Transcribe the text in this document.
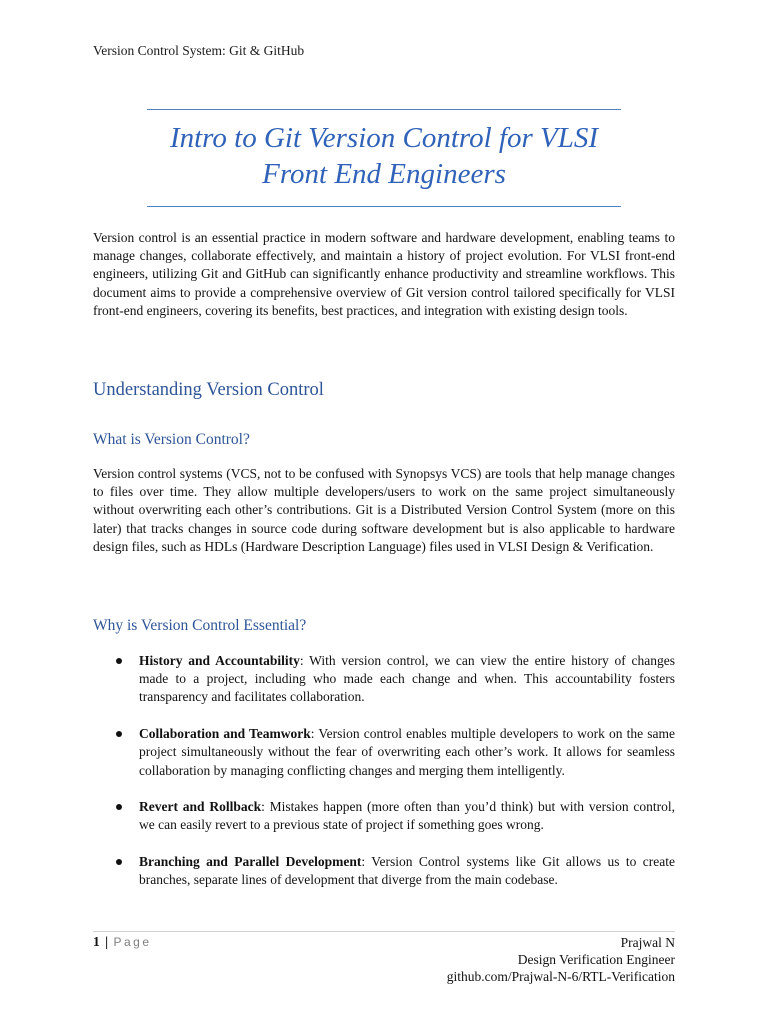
Version Control System: Git & GitHub
Intro to Git Version Control for VLSI
Front End Engineers

Version control is an essential practice in modern software and hardware development, enabling teams to manage changes, collaborate effectively, and maintain a history of project evolution. For VLSI front-end engineers, utilizing Git and GitHub can significantly enhance productivity and streamline workflows. This document aims to provide a comprehensive overview of Git version control tailored specifically for VLSI front-end engineers, covering its benefits, best practices, and integration with existing design tools.

Understanding Version Control
What is Version Control?

Version control systems (VCS, not to be confused with Synopsys VCS) are tools that help manage changes to files over time. They allow multiple developers/users to work on the same project simultaneously without overwriting each other’s contributions. Git is a Distributed Version Control System (more on this later) that tracks changes in source code during software development but is also applicable to hardware design files, such as HDLs (Hardware Description Language) files used in VLSI Design & Verification.

Why is Version Control Essential?
History and Accountability: With version control, we can view the entire history of changes made to a project, including who made each change and when. This accountability fosters transparency and facilitates collaboration.
Collaboration and Teamwork: Version control enables multiple developers to work on the same project simultaneously without the fear of overwriting each other’s work. It allows for seamless collaboration by managing conflicting changes and merging them intelligently.
Revert and Rollback: Mistakes happen (more often than you’d think) but with version control, we can easily revert to a previous state of project if something goes wrong.
Branching and Parallel Development: Version Control systems like Git allows us to create branches, separate lines of development that diverge from the main codebase.
1 | Page	Prajwal N
Design Verification Engineer
github.com/Prajwal-N-6/RTL-Verification
